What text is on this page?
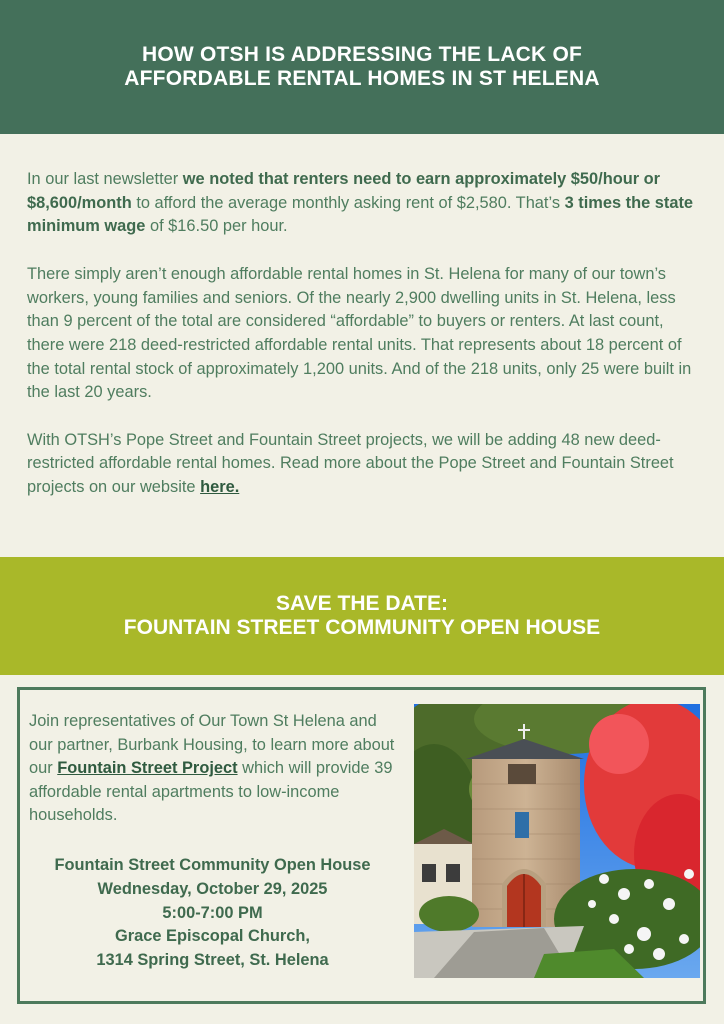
HOW OTSH IS ADDRESSING THE LACK OF
AFFORDABLE RENTAL HOMES IN ST HELENA

In our last newsletter we noted that renters need to earn approximately $50/hour or $8,600/month to afford the average monthly asking rent of $2,580. That’s 3 times the state minimum wage of $16.50 per hour.

There simply aren’t enough affordable rental homes in St. Helena for many of our town’s workers, young families and seniors. Of the nearly 2,900 dwelling units in St. Helena, less than 9 percent of the total are considered “affordable” to buyers or renters. At last count, there were 218 deed-restricted affordable rental units. That represents about 18 percent of the total rental stock of approximately 1,200 units. And of the 218 units, only 25 were built in the last 20 years.

With OTSH’s Pope Street and Fountain Street projects, we will be adding 48 new deed-restricted affordable rental homes. Read more about the Pope Street and Fountain Street projects on our website here.

SAVE THE DATE:
FOUNTAIN STREET COMMUNITY OPEN HOUSE
Join representatives of Our Town St Helena and our partner, Burbank Housing, to learn more about our Fountain Street Project which will provide 39 affordable rental apartments to low-income households.
Fountain Street Community Open House
Wednesday, October 29, 2025
5:00-7:00 PM
Grace Episcopal Church,
1314 Spring Street, St. Helena
